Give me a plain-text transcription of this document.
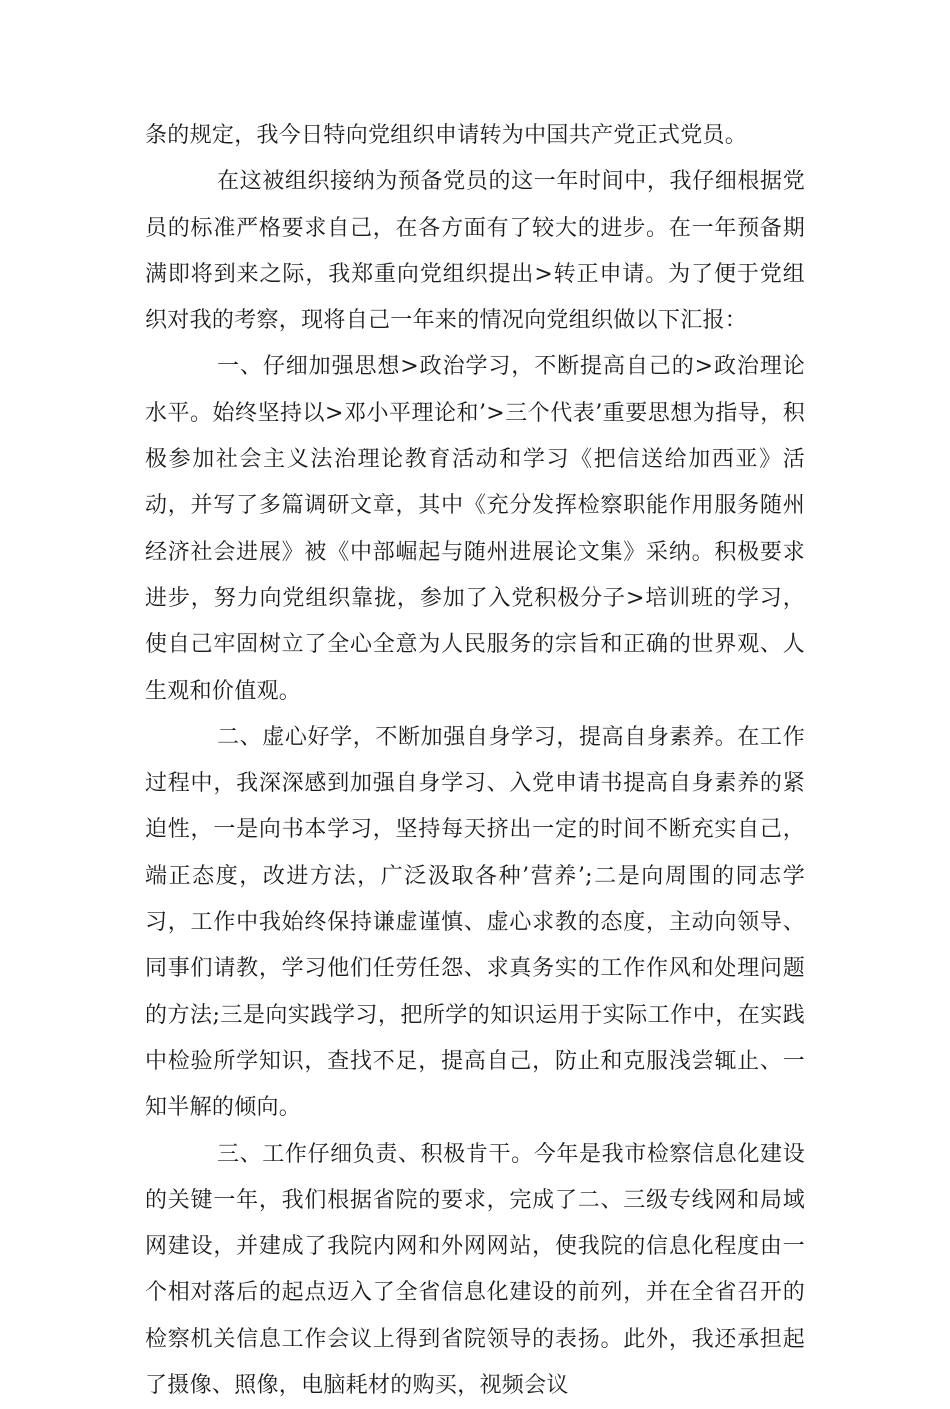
条的规定，我今日特向党组织申请转为中国共产党正式党员。

在这被组织接纳为预备党员的这一年时间中，我仔细根据党员的标准严格要求自己，在各方面有了较大的进步。在一年预备期满即将到来之际，我郑重向党组织提出>转正申请。为了便于党组织对我的考察，现将自己一年来的情况向党组织做以下汇报：

一、仔细加强思想>政治学习，不断提高自己的>政治理论水平。始终坚持以>邓小平理论和’>三个代表’重要思想为指导，积极参加社会主义法治理论教育活动和学习《把信送给加西亚》活动，并写了多篇调研文章，其中《充分发挥检察职能作用服务随州经济社会进展》被《中部崛起与随州进展论文集》采纳。积极要求进步，努力向党组织靠拢，参加了入党积极分子>培训班的学习，使自己牢固树立了全心全意为人民服务的宗旨和正确的世界观、人生观和价值观。

二、虚心好学，不断加强自身学习，提高自身素养。在工作过程中，我深深感到加强自身学习、入党申请书提高自身素养的紧迫性，一是向书本学习，坚持每天挤出一定的时间不断充实自己，端正态度，改进方法，广泛汲取各种’营养’;二是向周围的同志学习，工作中我始终保持谦虚谨慎、虚心求教的态度，主动向领导、同事们请教，学习他们任劳任怨、求真务实的工作作风和处理问题的方法;三是向实践学习，把所学的知识运用于实际工作中，在实践中检验所学知识，查找不足，提高自己，防止和克服浅尝辄止、一知半解的倾向。

三、工作仔细负责、积极肯干。今年是我市检察信息化建设的关键一年，我们根据省院的要求，完成了二、三级专线网和局域网建设，并建成了我院内网和外网网站，使我院的信息化程度由一个相对落后的起点迈入了全省信息化建设的前列，并在全省召开的检察机关信息工作会议上得到省院领导的表扬。此外，我还承担起了摄像、照像，电脑耗材的购买，视频会议
